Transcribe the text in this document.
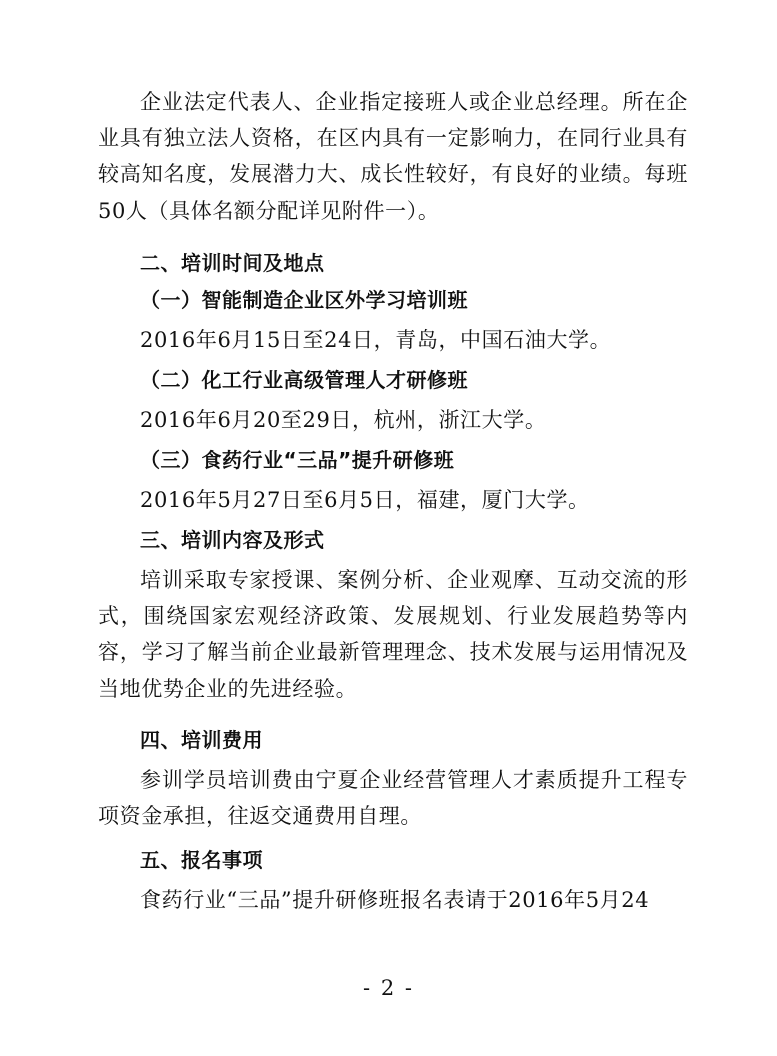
企业法定代表人、企业指定接班人或企业总经理。所在企业具有独立法人资格，在区内具有一定影响力，在同行业具有较高知名度，发展潜力大、成长性较好，有良好的业绩。每班50人（具体名额分配详见附件一）。

二、培训时间及地点

（一）智能制造企业区外学习培训班

2016年6月15日至24日，青岛，中国石油大学。

（二）化工行业高级管理人才研修班

2016年6月20至29日，杭州，浙江大学。

（三）食药行业“三品”提升研修班

2016年5月27日至6月5日，福建，厦门大学。

三、培训内容及形式

培训采取专家授课、案例分析、企业观摩、互动交流的形式，围绕国家宏观经济政策、发展规划、行业发展趋势等内容，学习了解当前企业最新管理理念、技术发展与运用情况及当地优势企业的先进经验。

四、培训费用

参训学员培训费由宁夏企业经营管理人才素质提升工程专项资金承担，往返交通费用自理。

五、报名事项

食药行业“三品”提升研修班报名表请于2016年5月24

- 2 -
